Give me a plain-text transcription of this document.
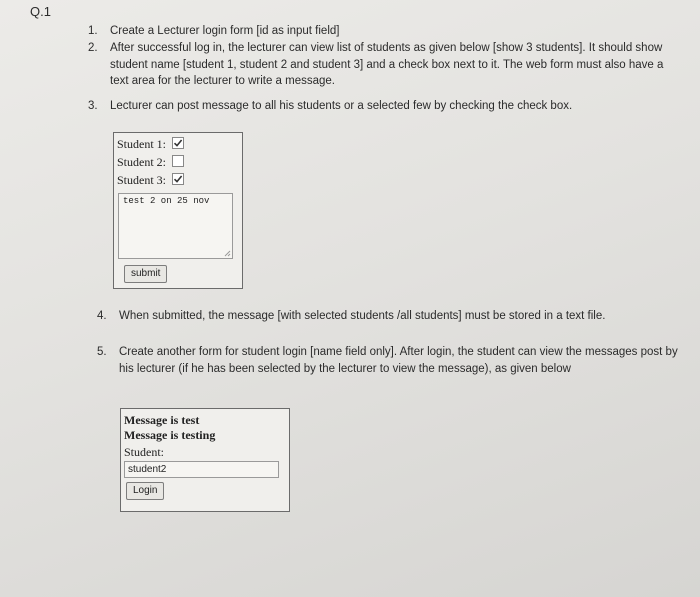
Q.1
1. Create a Lecturer login form [id as input field]
2. After successful log in, the lecturer can view list of students as given below [show 3 students]. It should show student name [student 1, student 2 and student 3] and a check box next to it. The web form must also have a text area for the lecturer to write a message.
3. Lecturer can post message to all his students or a selected few by checking the check box.
4. When submitted, the message [with selected students /all students] must be stored in a text file.
5. Create another form for student login [name field only]. After login, the student can view the messages post by his lecturer (if he has been selected by the lecturer to view the message), as given below
Student 1:
Student 2:
Student 3:
test 2 on 25 nov
submit
Message is test
Message is testing
Student:
student2
Login
